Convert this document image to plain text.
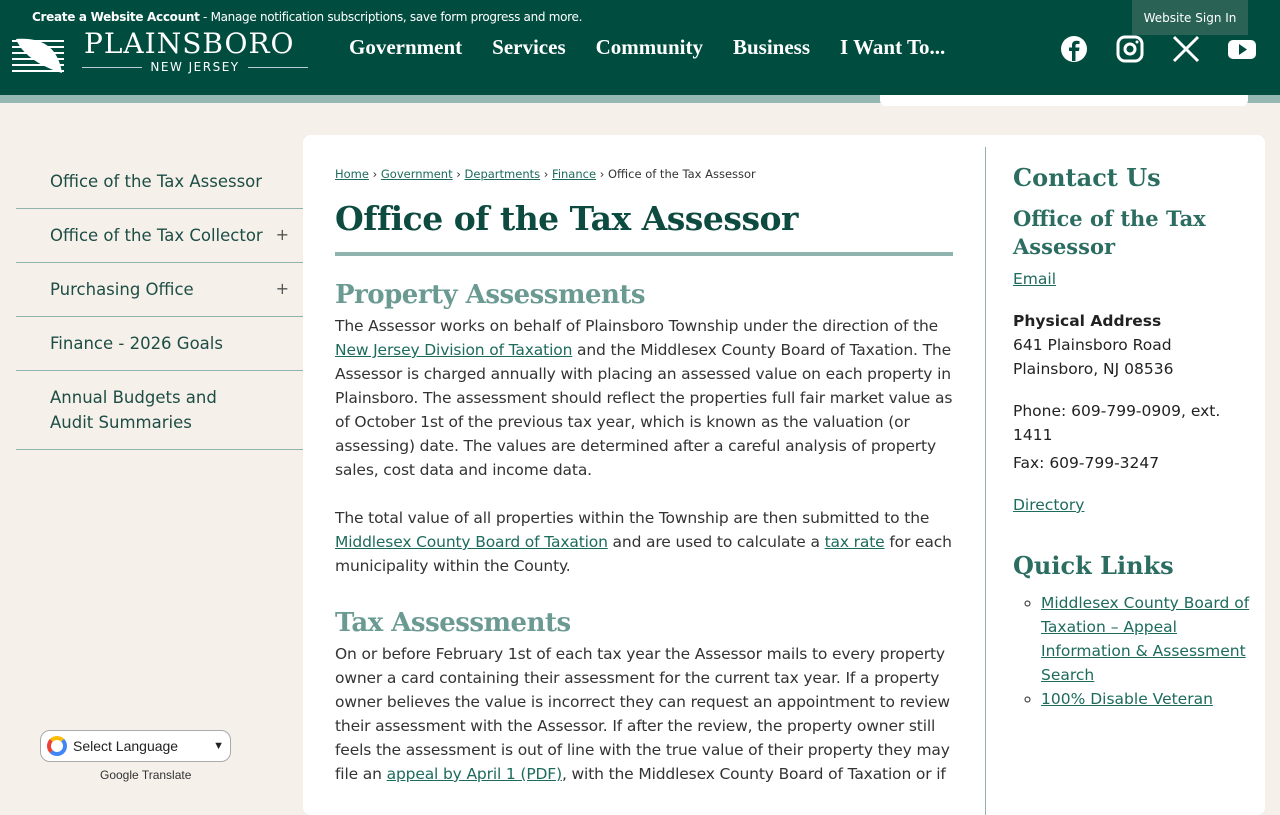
Create a Website Account - Manage notification subscriptions, save form progress and more.	Website Sign In
PLAINSBORO
NEW JERSEY
Government Services Community Business I Want To...
Office of the Tax Assessor
Office of the Tax Collector +
Purchasing Office	+
Finance - 2026 Goals
Annual Budgets and Audit Summaries
Home › Government › Departments › Finance › Office of the Tax Assessor
Office of the Tax Assessor
Property Assessments

The Assessor works on behalf of Plainsboro Township under the direction of the New Jersey Division of Taxation and the Middlesex County Board of Taxation. The Assessor is charged annually with placing an assessed value on each property in Plainsboro. The assessment should reflect the properties full fair market value as of October 1st of the previous tax year, which is known as the valuation (or assessing) date. The values are determined after a careful analysis of property sales, cost data and income data.

The total value of all properties within the Township are then submitted to the Middlesex County Board of Taxation and are used to calculate a tax rate for each municipality within the County.

Tax Assessments

On or before February 1st of each tax year the Assessor mails to every property owner a card containing their assessment for the current tax year. If a property owner believes the value is incorrect they can request an appointment to review their assessment with the Assessor. If after the review, the property owner still feels the assessment is out of line with the true value of their property they may file an appeal by April 1 (PDF), with the Middlesex County Board of Taxation or if

Contact Us
Office of the Tax Assessor
Email
Physical Address
641 Plainsboro Road
Plainsboro, NJ 08536
Phone: 609-799-0909, ext. 1411
Fax: 609-799-3247
Directory
Quick Links
◦ Middlesex County Board of Taxation – Appeal Information & Assessment Search
◦ 100% Disable Veteran
Select Language	▼
Google Translate
